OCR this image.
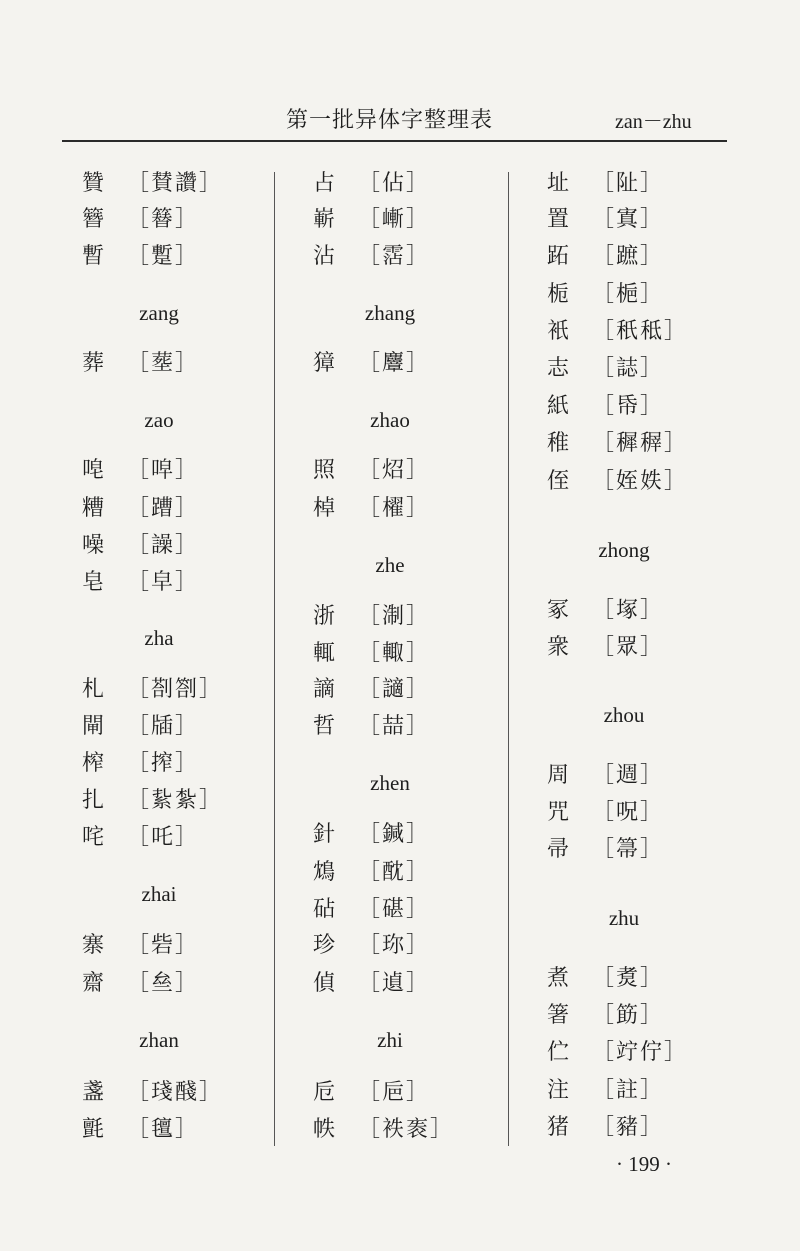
第一批异体字整理表	zan－zhu
贊 ［賛讚］
簪 ［簮］
暫 ［蹔］
zang
葬 ［塟］
zao
唣 ［唕］
糟 ［蹧］
噪 ［譟］
皂 ［皁］
zha
札 ［剳劄］
閘 ［牐］
榨 ［搾］
扎 ［紥紮］
咤 ［吒］
zhai
寨 ［砦］
齋 ［亝］
zhan
盞 ［琖醆］
氈 ［氊］
占 ［佔］
嶄 ［嶃］
沾 ［霑］
zhang
獐 ［麞］
zhao
照 ［炤］
棹 ［櫂］
zhe
浙 ［淛］
輒 ［輙］
謫 ［讁］
哲 ［喆］
zhen
針 ［鍼］
鴆 ［酖］
砧 ［碪］
珍 ［珎］
偵 ［遉］
zhi
卮 ［巵］
帙 ［袟袠］
址 ［阯］
置 ［寘］
跖 ［蹠］
栀 ［梔］
衹 ［秖秪］
志 ［誌］
紙 ［帋］
稚 ［穉稺］
侄 ［姪妷］
zhong
冢 ［塚］
衆 ［眾］
zhou
周 ［週］
咒 ［呪］
帚 ［箒］
zhu
煮 ［煑］
箸 ［筯］
伫 ［竚佇］
注 ［註］
猪 ［豬］
· 199 ·
